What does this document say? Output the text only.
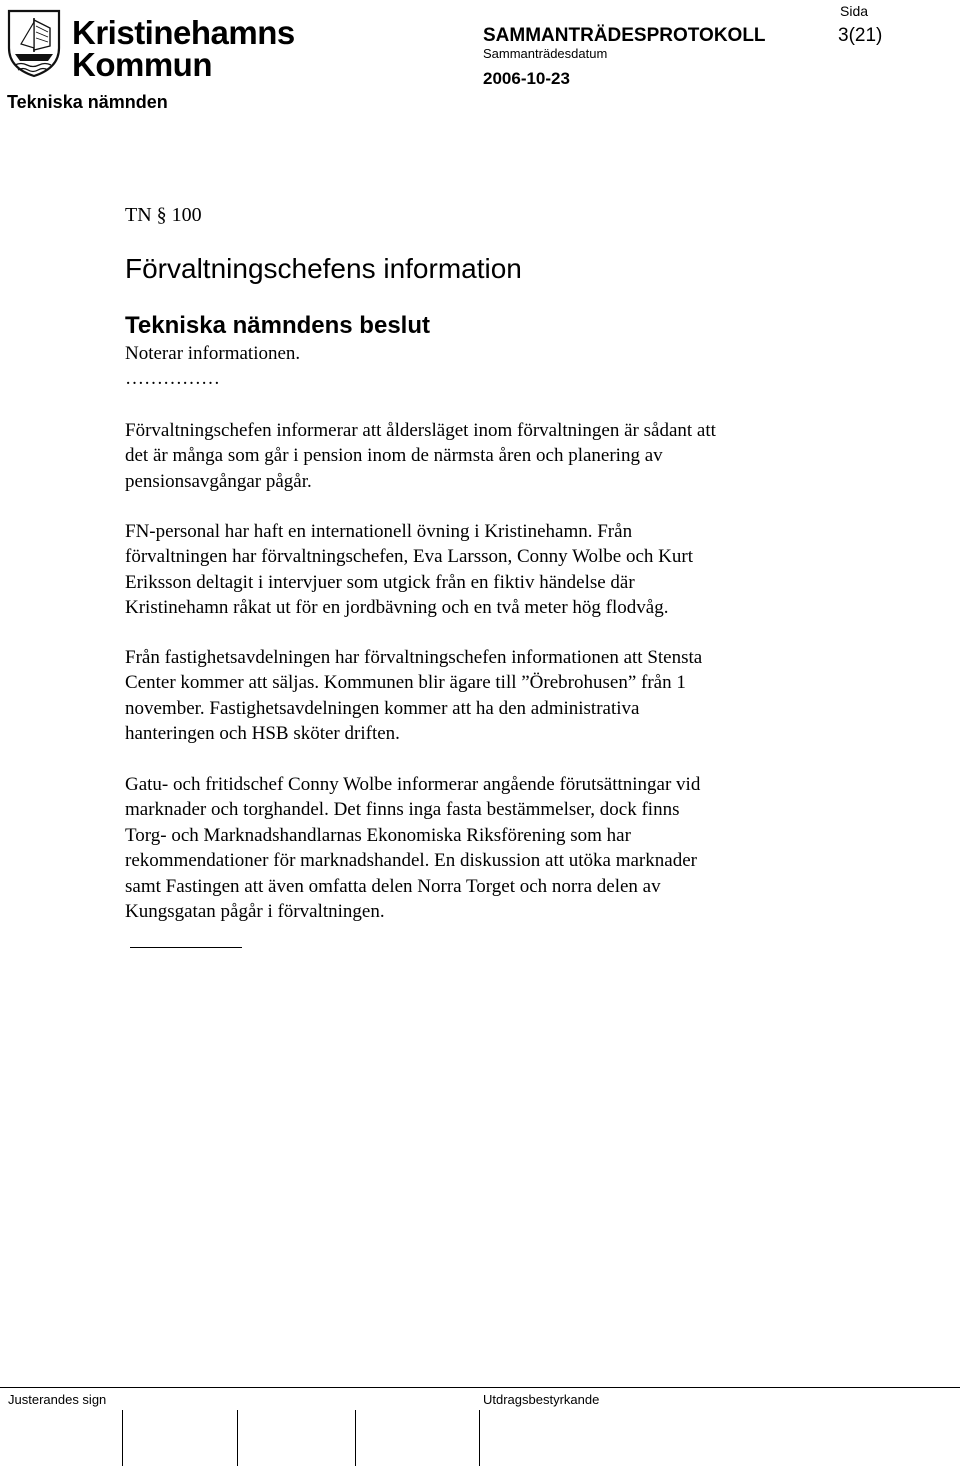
Kristinehamns
Kommun
Sida
SAMMANTRÄDESPROTOKOLL	3(21)
Sammanträdesdatum
2006-10-23
Tekniska nämnden
TN § 100
Förvaltningschefens information
Tekniska nämndens beslut
Noterar informationen.
……………
Förvaltningschefen informerar att åldersläget inom förvaltningen är sådant att
det är många som går i pension inom de närmsta åren och planering av
pensionsavgångar pågår.
FN-personal har haft en internationell övning i Kristinehamn. Från
förvaltningen har förvaltningschefen, Eva Larsson, Conny Wolbe och Kurt
Eriksson deltagit i intervjuer som utgick från en fiktiv händelse där
Kristinehamn råkat ut för en jordbävning och en två meter hög flodvåg.
Från fastighetsavdelningen har förvaltningschefen informationen att Stensta
Center kommer att säljas. Kommunen blir ägare till ”Örebrohusen” från 1
november. Fastighetsavdelningen kommer att ha den administrativa
hanteringen och HSB sköter driften.
Gatu- och fritidschef Conny Wolbe informerar angående förutsättningar vid
marknader och torghandel. Det finns inga fasta bestämmelser, dock finns
Torg- och Marknadshandlarnas Ekonomiska Riksförening som har
rekommendationer för marknadshandel. En diskussion att utöka marknader
samt Fastingen att även omfatta delen Norra Torget och norra delen av
Kungsgatan pågår i förvaltningen.
Justerandes sign	Utdragsbestyrkande
